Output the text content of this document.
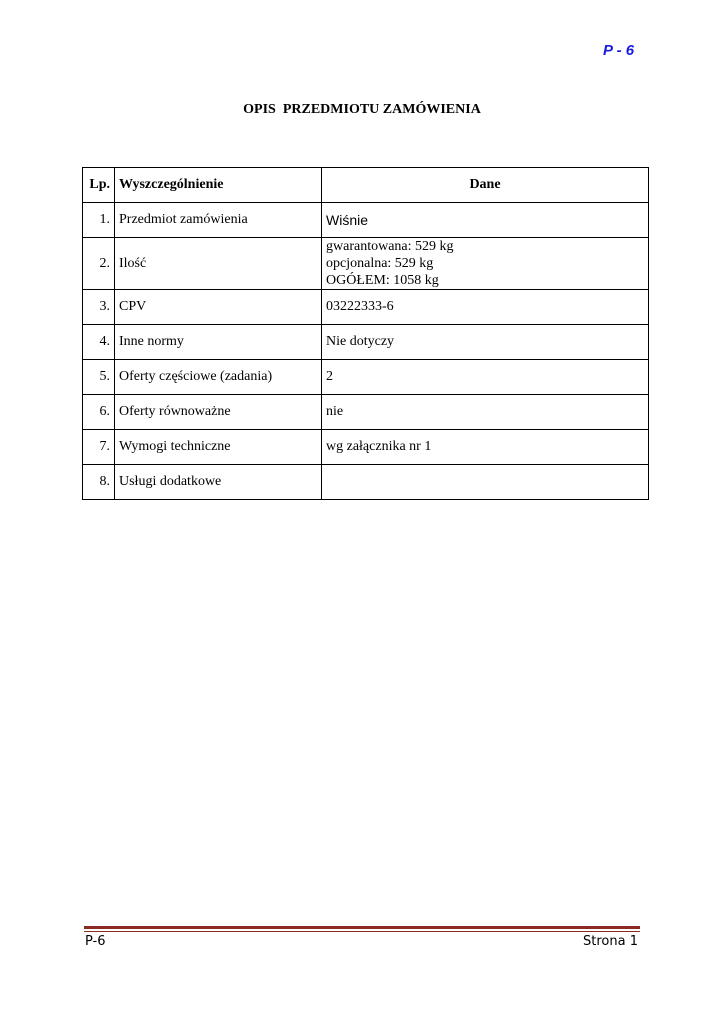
P - 6
OPIS  PRZEDMIOTU ZAMÓWIENIA
Lp.	Wyszczególnienie	Dane
1.	Przedmiot zamówienia	Wiśnie
2.	Ilość	gwarantowana: 529 kg
opcjonalna: 529 kg
OGÓŁEM: 1058 kg

3.	CPV	03222333-6
4.	Inne normy	Nie dotyczy
5.	Oferty częściowe (zadania)	2
6.	Oferty równoważne	nie
7.	Wymogi techniczne	wg załącznika nr 1
8.	Usługi dodatkowe	
P-6	Strona 1
